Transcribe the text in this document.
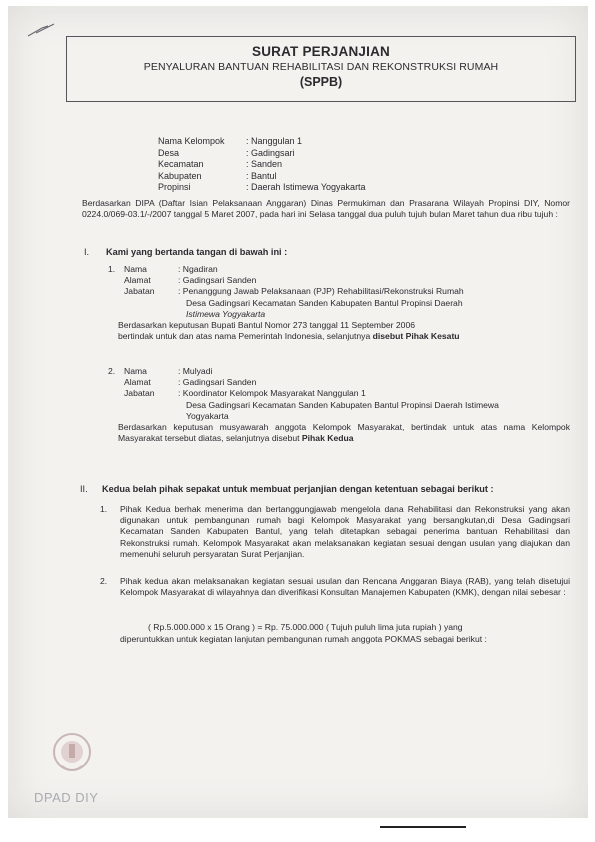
SURAT PERJANJIAN
PENYALURAN BANTUAN REHABILITASI DAN REKONSTRUKSI RUMAH
(SPPB)
Nama Kelompok	: Nanggulan 1
Desa	: Gadingsari
Kecamatan	: Sanden
Kabupaten	: Bantul
Propinsi	: Daerah Istimewa Yogyakarta
Berdasarkan DIPA (Daftar Isian Pelaksanaan Anggaran) Dinas Permukiman dan Prasarana Wilayah Propinsi DIY, Nomor 0224.0/069-03.1/-/2007 tanggal 5 Maret 2007, pada hari ini Selasa tanggal dua puluh tujuh bulan Maret tahun dua ribu tujuh :
I. Kami yang bertanda tangan di bawah ini :
1.	Nama	: Ngadiran
Alamat	: Gadingsari Sanden
Jabatan	: Penanggung Jawab Pelaksanaan (PJP) Rehabilitasi/Rekonstruksi Rumah
Desa Gadingsari Kecamatan Sanden Kabupaten Bantul Propinsi Daerah
Istimewa Yogyakarta
Berdasarkan keputusan Bupati Bantul Nomor 273 tanggal 11 September 2006
bertindak untuk dan atas nama Pemerintah Indonesia, selanjutnya disebut Pihak Kesatu
2.	Nama	: Mulyadi
Alamat	: Gadingsari Sanden
Jabatan	: Koordinator Kelompok Masyarakat Nanggulan 1
Desa Gadingsari Kecamatan Sanden Kabupaten Bantul Propinsi Daerah Istimewa
Yogyakarta
Berdasarkan keputusan musyawarah anggota Kelompok Masyarakat, bertindak untuk atas nama Kelompok Masyarakat tersebut diatas, selanjutnya disebut Pihak Kedua
II. Kedua belah pihak sepakat untuk membuat perjanjian dengan ketentuan sebagai berikut :
1.	Pihak Kedua berhak menerima dan bertanggungjawab mengelola dana Rehabilitasi dan Rekonstruksi yang akan digunakan untuk pembangunan rumah bagi Kelompok Masyarakat yang bersangkutan,di Desa Gadingsari Kecamatan Sanden Kabupaten Bantul, yang telah ditetapkan sebagai penerima bantuan Rehabilitasi dan Rekonstruksi rumah. Kelompok Masyarakat akan melaksanakan kegiatan sesuai dengan usulan yang diajukan dan memenuhi seluruh persyaratan Surat Perjanjian.
2.	Pihak kedua akan melaksanakan kegiatan sesuai usulan dan Rencana Anggaran Biaya (RAB), yang telah disetujui Kelompok Masyarakat di wilayahnya dan diverifikasi Konsultan Manajemen Kabupaten (KMK), dengan nilai sebesar :
( Rp.5.000.000 x 15 Orang ) = Rp. 75.000.000 ( Tujuh puluh lima juta rupiah ) yang
diperuntukkan untuk kegiatan lanjutan pembangunan rumah anggota POKMAS sebagai berikut :
DPAD DIY
